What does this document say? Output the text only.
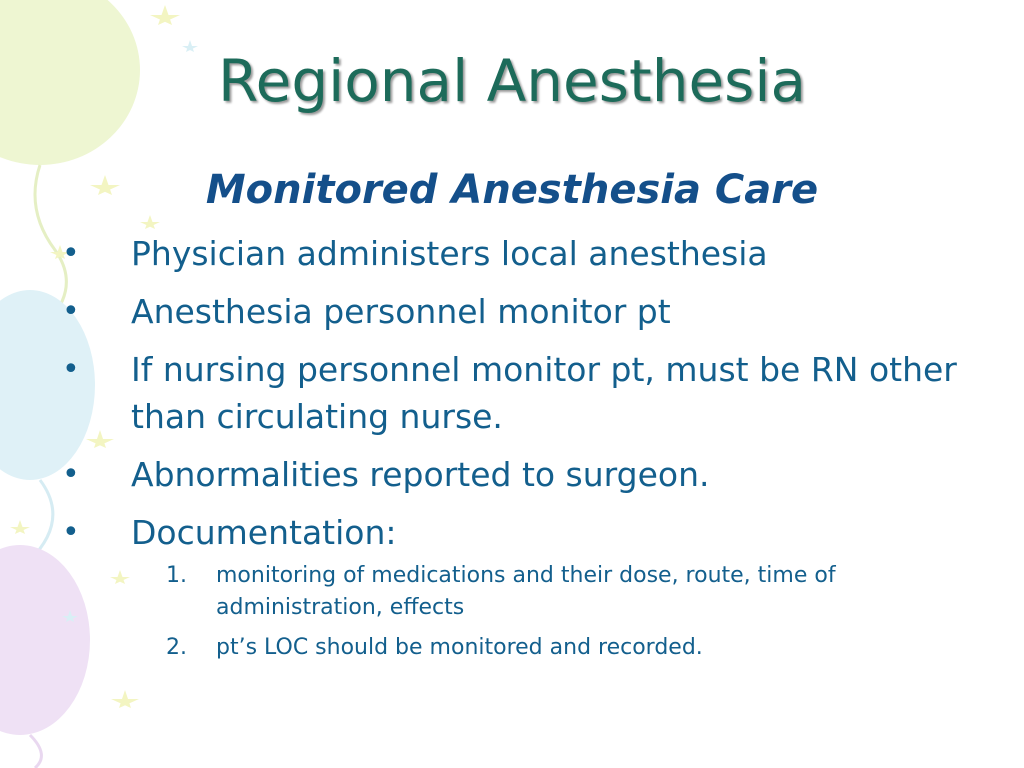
Regional Anesthesia
Monitored Anesthesia Care
• Physician administers local anesthesia
• Anesthesia personnel monitor pt
• If nursing personnel monitor pt, must be RN other than circulating nurse.
• Abnormalities reported to surgeon.
• Documentation:
1. monitoring of medications and their dose, route, time of administration, effects
2. pt’s LOC should be monitored and recorded.
